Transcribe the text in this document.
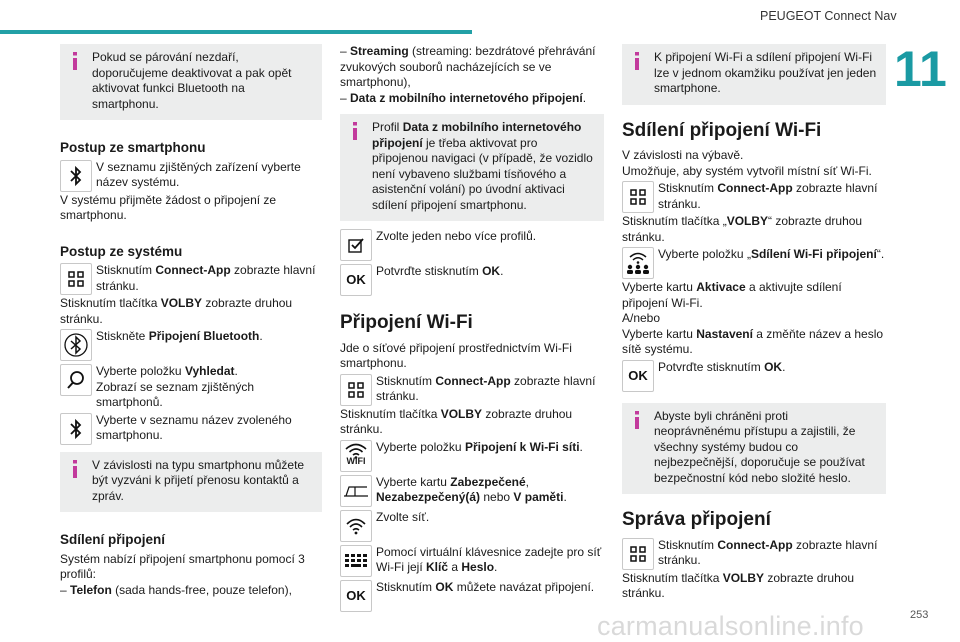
PEUGEOT Connect Nav
11
253
carmanualsonline.info
Pokud se párování nezdaří, doporučujeme deaktivovat a pak opět aktivovat funkci Bluetooth na smartphonu.
Postup ze smartphonu

V seznamu zjištěných zařízení vyberte název systému.

V systému přijměte žádost o připojení ze smartphonu.

Postup ze systému

Stisknutím Connect-App zobrazte hlavní stránku.

Stisknutím tlačítka VOLBY zobrazte druhou stránku.

Stiskněte Připojení Bluetooth.

Vyberte položku Vyhledat.

Zobrazí se seznam zjištěných smartphonů.

Vyberte v seznamu název zvoleného smartphonu.

V závislosti na typu smartphonu můžete být vyzváni k přijetí přenosu kontaktů a zpráv.
Sdílení připojení

Systém nabízí připojení smartphonu pomocí 3 profilů:

– Telefon (sada hands-free, pouze telefon),

– Streaming (streaming: bezdrátové přehrávání zvukových souborů nacházejících se ve smartphonu),

– Data z mobilního internetového připojení.

Profil Data z mobilního internetového připojení je třeba aktivovat pro připojenou navigaci (v případě, že vozidlo není vybaveno službami tísňového a asistenční volání) po úvodní aktivaci sdílení připojení smartphonu.

Zvolte jeden nebo více profilů.

OK

Potvrďte stisknutím OK.

Připojení Wi-Fi

Jde o síťové připojení prostřednictvím Wi-Fi smartphonu.

Stisknutím Connect-App zobrazte hlavní stránku.

Stisknutím tlačítka VOLBY zobrazte druhou stránku.

WIFI

Vyberte položku Připojení k Wi-Fi síti.

Vyberte kartu Zabezpečené, Nezabezpečený(á) nebo V paměti.

Zvolte síť.

Pomocí virtuální klávesnice zadejte pro síť Wi-Fi její Klíč a Heslo.

OK

Stisknutím OK můžete navázat připojení.

K připojení Wi-Fi a sdílení připojení Wi-Fi lze v jednom okamžiku používat jen jeden smartphone.
Sdílení připojení Wi-Fi

V závislosti na výbavě.

Umožňuje, aby systém vytvořil místní síť Wi-Fi.

Stisknutím Connect-App zobrazte hlavní stránku.

Stisknutím tlačítka „VOLBY“ zobrazte druhou stránku.

Vyberte položku „Sdílení Wi-Fi připojení“.

Vyberte kartu Aktivace a aktivujte sdílení připojení Wi-Fi.

A/nebo

Vyberte kartu Nastavení a změňte název a heslo sítě systému.

OK

Potvrďte stisknutím OK.

Abyste byli chráněni proti neoprávněnému přístupu a zajistili, že všechny systémy budou co nejbezpečnější, doporučuje se používat bezpečnostní kód nebo složité heslo.
Správa připojení

Stisknutím Connect-App zobrazte hlavní stránku.

Stisknutím tlačítka VOLBY zobrazte druhou stránku.
